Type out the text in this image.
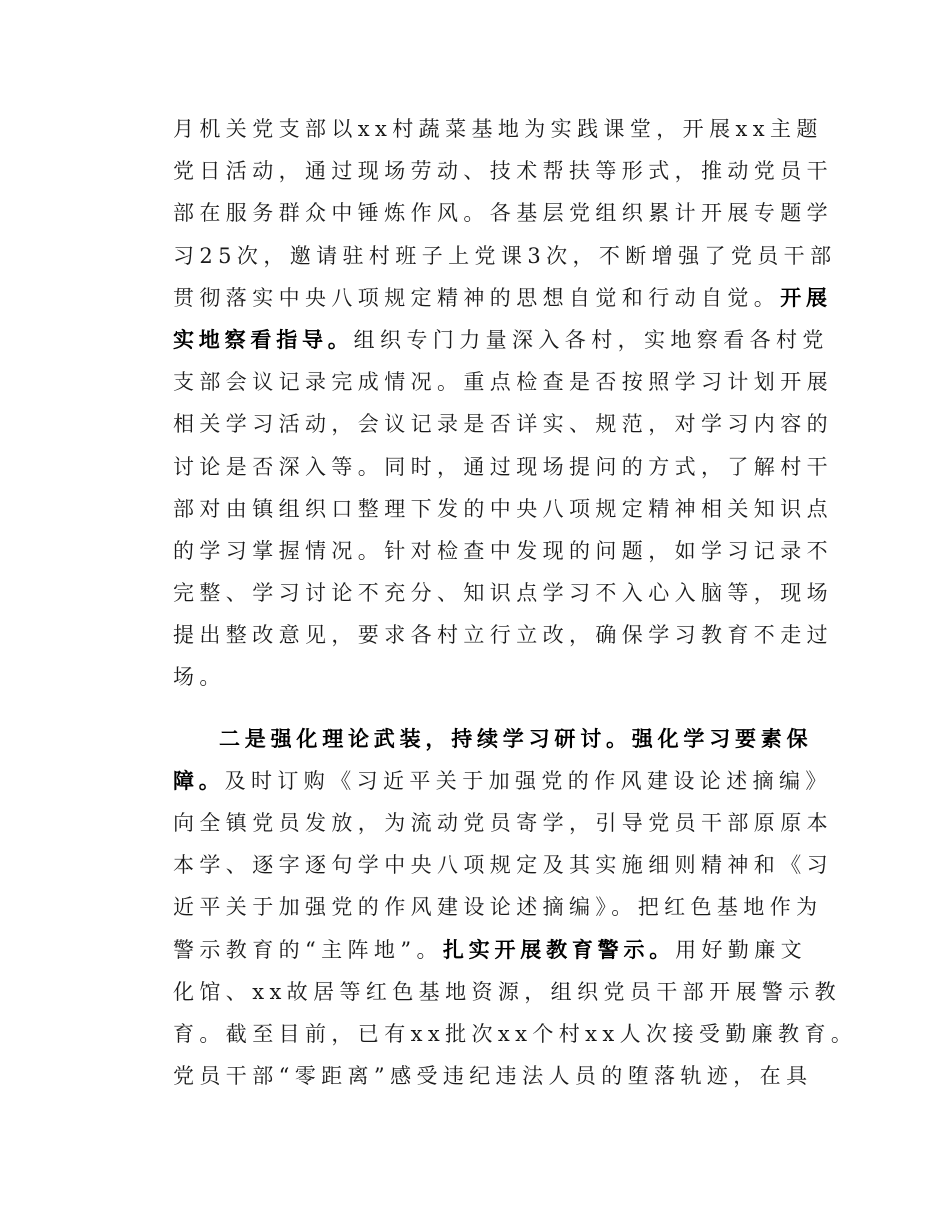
月机关党支部以xx村蔬菜基地为实践课堂，开展xx主题
党日活动，通过现场劳动、技术帮扶等形式，推动党员干
部在服务群众中锤炼作风。各基层党组织累计开展专题学
习25次，邀请驻村班子上党课3次，不断增强了党员干部
贯彻落实中央八项规定精神的思想自觉和行动自觉。开展
实地察看指导。组织专门力量深入各村，实地察看各村党
支部会议记录完成情况。重点检查是否按照学习计划开展
相关学习活动，会议记录是否详实、规范，对学习内容的
讨论是否深入等。同时，通过现场提问的方式，了解村干
部对由镇组织口整理下发的中央八项规定精神相关知识点
的学习掌握情况。针对检查中发现的问题，如学习记录不
完整、学习讨论不充分、知识点学习不入心入脑等，现场
提出整改意见，要求各村立行立改，确保学习教育不走过
场。
二是强化理论武装，持续学习研讨。强化学习要素保
障。及时订购《习近平关于加强党的作风建设论述摘编》
向全镇党员发放，为流动党员寄学，引导党员干部原原本
本学、逐字逐句学中央八项规定及其实施细则精神和《习
近平关于加强党的作风建设论述摘编》。把红色基地作为
警示教育的“主阵地”。扎实开展教育警示。用好勤廉文
化馆、xx故居等红色基地资源，组织党员干部开展警示教
育。截至目前，已有xx批次xx个村xx人次接受勤廉教育。
党员干部“零距离”感受违纪违法人员的堕落轨迹，在具
